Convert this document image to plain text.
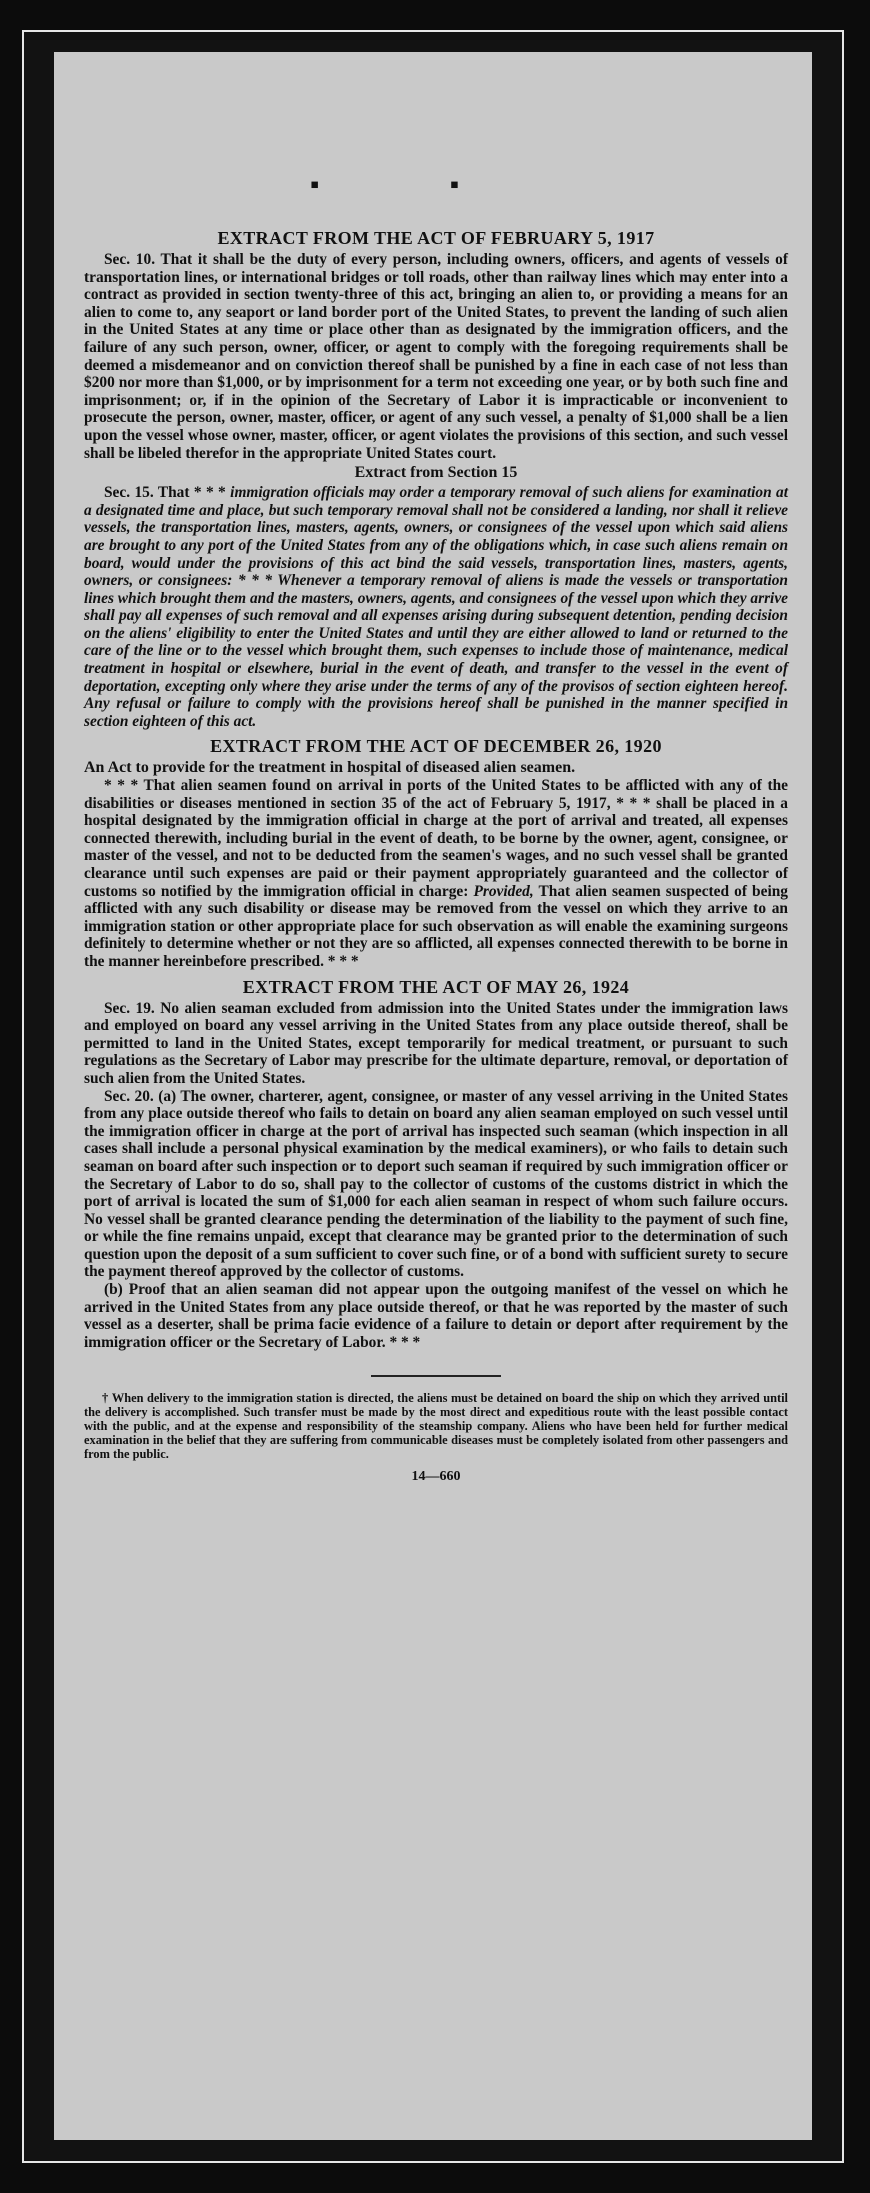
▪ ▪
EXTRACT FROM THE ACT OF FEBRUARY 5, 1917

Sec. 10. That it shall be the duty of every person, including owners, officers, and agents of vessels of transportation lines, or international bridges or toll roads, other than railway lines which may enter into a contract as provided in section twenty-three of this act, bringing an alien to, or providing a means for an alien to come to, any seaport or land border port of the United States, to prevent the landing of such alien in the United States at any time or place other than as designated by the immigration officers, and the failure of any such person, owner, officer, or agent to comply with the foregoing requirements shall be deemed a misdemeanor and on conviction thereof shall be punished by a fine in each case of not less than $200 nor more than $1,000, or by imprisonment for a term not exceeding one year, or by both such fine and imprisonment; or, if in the opinion of the Secretary of Labor it is impracticable or inconvenient to prosecute the person, owner, master, officer, or agent of any such vessel, a penalty of $1,000 shall be a lien upon the vessel whose owner, master, officer, or agent violates the provisions of this section, and such vessel shall be libeled therefor in the appropriate United States court.

Extract from Section 15

Sec. 15. That * * * immigration officials may order a temporary removal of such aliens for examination at a designated time and place, but such temporary removal shall not be considered a landing, nor shall it relieve vessels, the transportation lines, masters, agents, owners, or consignees of the vessel upon which said aliens are brought to any port of the United States from any of the obligations which, in case such aliens remain on board, would under the provisions of this act bind the said vessels, transportation lines, masters, agents, owners, or consignees: * * * Whenever a temporary removal of aliens is made the vessels or transportation lines which brought them and the masters, owners, agents, and consignees of the vessel upon which they arrive shall pay all expenses of such removal and all expenses arising during subsequent detention, pending decision on the aliens' eligibility to enter the United States and until they are either allowed to land or returned to the care of the line or to the vessel which brought them, such expenses to include those of maintenance, medical treatment in hospital or elsewhere, burial in the event of death, and transfer to the vessel in the event of deportation, excepting only where they arise under the terms of any of the provisos of section eighteen hereof. Any refusal or failure to comply with the provisions hereof shall be punished in the manner specified in section eighteen of this act.

EXTRACT FROM THE ACT OF DECEMBER 26, 1920

An Act to provide for the treatment in hospital of diseased alien seamen.

* * * That alien seamen found on arrival in ports of the United States to be afflicted with any of the disabilities or diseases mentioned in section 35 of the act of February 5, 1917, * * * shall be placed in a hospital designated by the immigration official in charge at the port of arrival and treated, all expenses connected therewith, including burial in the event of death, to be borne by the owner, agent, consignee, or master of the vessel, and not to be deducted from the seamen's wages, and no such vessel shall be granted clearance until such expenses are paid or their payment appropriately guaranteed and the collector of customs so notified by the immigration official in charge: Provided, That alien seamen suspected of being afflicted with any such disability or disease may be removed from the vessel on which they arrive to an immigration station or other appropriate place for such observation as will enable the examining surgeons definitely to determine whether or not they are so afflicted, all expenses connected therewith to be borne in the manner hereinbefore prescribed. * * *

EXTRACT FROM THE ACT OF MAY 26, 1924

Sec. 19. No alien seaman excluded from admission into the United States under the immigration laws and employed on board any vessel arriving in the United States from any place outside thereof, shall be permitted to land in the United States, except temporarily for medical treatment, or pursuant to such regulations as the Secretary of Labor may prescribe for the ultimate departure, removal, or deportation of such alien from the United States.

Sec. 20. (a) The owner, charterer, agent, consignee, or master of any vessel arriving in the United States from any place outside thereof who fails to detain on board any alien seaman employed on such vessel until the immigration officer in charge at the port of arrival has inspected such seaman (which inspection in all cases shall include a personal physical examination by the medical examiners), or who fails to detain such seaman on board after such inspection or to deport such seaman if required by such immigration officer or the Secretary of Labor to do so, shall pay to the collector of customs of the customs district in which the port of arrival is located the sum of $1,000 for each alien seaman in respect of whom such failure occurs. No vessel shall be granted clearance pending the determination of the liability to the payment of such fine, or while the fine remains unpaid, except that clearance may be granted prior to the determination of such question upon the deposit of a sum sufficient to cover such fine, or of a bond with sufficient surety to secure the payment thereof approved by the collector of customs.

(b) Proof that an alien seaman did not appear upon the outgoing manifest of the vessel on which he arrived in the United States from any place outside thereof, or that he was reported by the master of such vessel as a deserter, shall be prima facie evidence of a failure to detain or deport after requirement by the immigration officer or the Secretary of Labor. * * *

† When delivery to the immigration station is directed, the aliens must be detained on board the ship on which they arrived until the delivery is accomplished. Such transfer must be made by the most direct and expeditious route with the least possible contact with the public, and at the expense and responsibility of the steamship company. Aliens who have been held for further medical examination in the belief that they are suffering from communicable diseases must be completely isolated from other passengers and from the public.

14—660
